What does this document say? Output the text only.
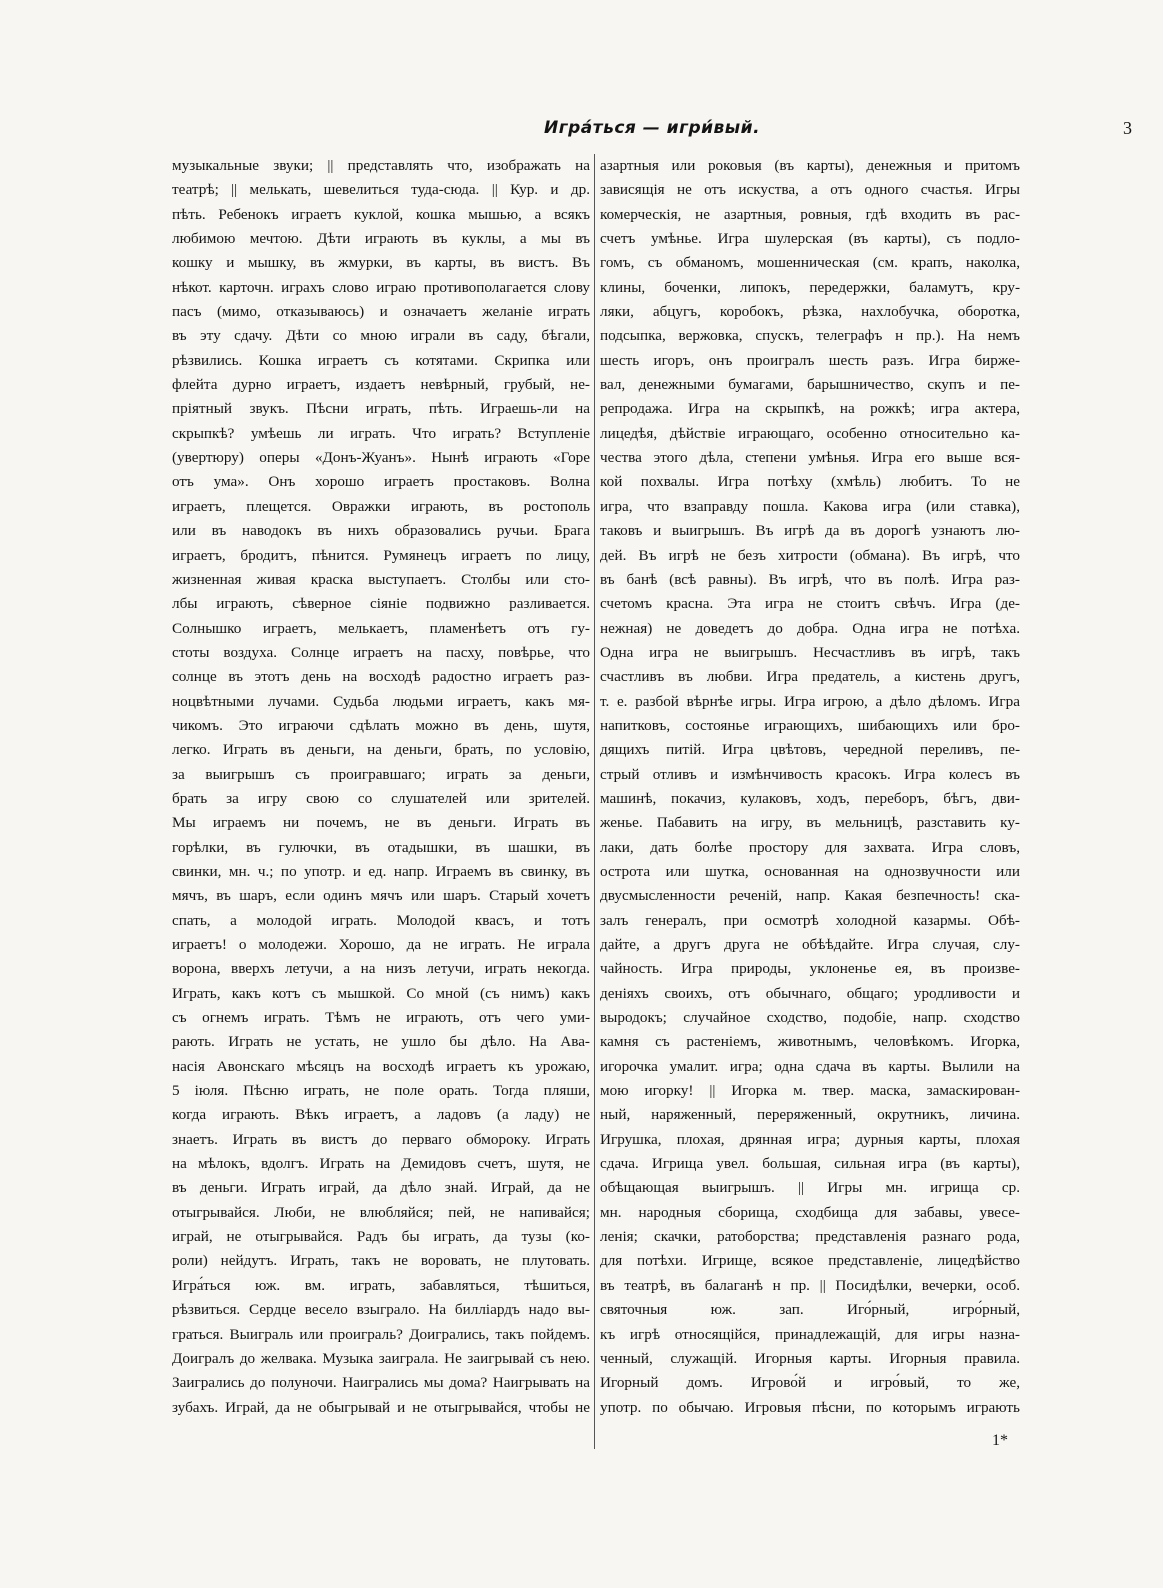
Игра́ться — игри́вый.	3
музыкальные звуки; || представлять что, изображать на
театрѣ; || мелькать, шевелиться туда-сюда. || Кур. и др.
пѣть. Ребенокъ играетъ куклой, кошка мышью, а всякъ
любимою мечтою. Дѣти играють въ куклы, а мы въ
кошку и мышку, въ жмурки, въ карты, въ вистъ. Въ
нѣкот. карточн. играхъ слово играю противополагается слову
пасъ (мимо, отказываюсь) и означаетъ желаніе играть
въ эту сдачу. Дѣти со мною играли въ саду, бѣгали,
рѣзвились. Кошка играетъ съ котятами. Скрипка или
флейта дурно играетъ, издаетъ невѣрный, грубый, не-
пріятный звукъ. Пѣсни играть, пѣть. Играешь-ли на
скрыпкѣ? умѣешь ли играть. Что играть? Вступленіе
(увертюру) оперы «Донъ-Жуанъ». Нынѣ играють «Горе
отъ ума». Онъ хорошо играетъ простаковъ. Волна
играетъ, плещется. Овражки играють, въ ростополь
или въ наводокъ въ нихъ образовались ручьи. Брага
играетъ, бродитъ, пѣнится. Румянецъ играетъ по лицу,
жизненная живая краска выступаетъ. Столбы или сто-
лбы играють, сѣверное сіяніе подвижно разливается.
Солнышко играетъ, мелькаетъ, пламенѣетъ отъ гу-
стоты воздуха. Солнце играетъ на пасху, повѣрье, что
солнце въ этотъ день на восходѣ радостно играетъ раз-
ноцвѣтными лучами. Судьба людьми играетъ, какъ мя-
чикомъ. Это играючи сдѣлать можно въ день, шутя,
легко. Играть въ деньги, на деньги, брать, по условію,
за выигрышъ съ проигравшаго; играть за деньги,
брать за игру свою со слушателей или зрителей.
Мы играемъ ни почемъ, не въ деньги. Играть въ
горѣлки, въ гулючки, въ отадышки, въ шашки, въ
свинки, мн. ч.; по употр. и ед. напр. Играемъ въ свинку, въ
мячъ, въ шаръ, если одинъ мячъ или шаръ. Старый хочетъ
спать, а молодой играть. Молодой квасъ, и тотъ
играетъ! о молодежи. Хорошо, да не играть. Не играла
ворона, вверхъ летучи, а на низъ летучи, играть некогда.
Играть, какъ котъ съ мышкой. Со мной (съ нимъ) какъ
съ огнемъ играть. Тѣмъ не играють, отъ чего уми-
рають. Играть не устать, не ушло бы дѣло. На Ава-
насія Авонскаго мѣсяцъ на восходѣ играетъ къ урожаю,
5 іюля. Пѣсню играть, не поле орать. Тогда пляши,
когда играють. Вѣкъ играетъ, а ладовъ (а ладу) не
знаетъ. Играть въ вистъ до перваго обмороку. Играть
на мѣлокъ, вдолгъ. Играть на Демидовъ счетъ, шутя, не
въ деньги. Играть играй, да дѣло знай. Играй, да не
отыгрывайся. Люби, не влюбляйся; пей, не напивайся;
играй, не отыгрывайся. Радъ бы играть, да тузы (ко-
роли) нейдутъ. Играть, такъ не воровать, не плутовать.
Игра́ться юж. вм. играть, забавляться, тѣшиться,
рѣзвиться. Сердце весело взыграло. На билліардъ надо вы-
граться. Выиграль или проиграль? Доигрались, такъ пойдемъ.
Доигралъ до желвака. Музыка заиграла. Не заигрывай съ нею.
Заигрались до полуночи. Наигрались мы дома? Наигрывать на
зубахъ. Играй, да не обыгрывай и не отыгрывайся, чтобы не
азартныя или роковыя (въ карты), денежныя и притомъ
зависящія не отъ искуства, а отъ одного счастья. Игры
комерческія, не азартныя, ровныя, гдѣ входить въ рас-
счетъ умѣнье. Игра шулерская (въ карты), съ подло-
гомъ, съ обманомъ, мошенническая (см. крапъ, наколка,
клины, боченки, липокъ, передержки, баламутъ, кру-
ляки, абцугъ, коробокъ, рѣзка, нахлобучка, оборотка,
подсыпка, вержовка, спускъ, телеграфъ н пр.). На немъ
шесть игоръ, онъ проигралъ шесть разъ. Игра бирже-
вал, денежными бумагами, барышничество, скупъ и пе-
репродажа. Игра на скрыпкѣ, на рожкѣ; игра актера,
лицедѣя, дѣйствіе играющаго, особенно относительно ка-
чества этого дѣла, степени умѣнья. Игра его выше вся-
кой похвалы. Игра потѣху (хмѣль) любитъ. То не
игра, что взаправду пошла. Какова игра (или ставка),
таковъ и выигрышъ. Въ игрѣ да въ дорогѣ узнаютъ лю-
дей. Въ игрѣ не безъ хитрости (обмана). Въ игрѣ, что
въ банѣ (всѣ равны). Въ игрѣ, что въ полѣ. Игра раз-
счетомъ красна. Эта игра не стоитъ свѣчъ. Игра (де-
нежная) не доведетъ до добра. Одна игра не потѣха.
Одна игра не выигрышъ. Несчастливъ въ игрѣ, такъ
счастливъ въ любви. Игра предатель, а кистень другъ,
т. е. разбой вѣрнѣе игры. Игра игрою, а дѣло дѣломъ. Игра
напитковъ, состоянье играющихъ, шибающихъ или бро-
дящихъ питій. Игра цвѣтовъ, чередной переливъ, пе-
стрый отливъ и измѣнчивость красокъ. Игра колесъ въ
машинѣ, покачиз, кулаковъ, ходъ, переборъ, бѣгъ, дви-
женье. Пабавить на игру, въ мельницѣ, разставить ку-
лаки, дать болѣе простору для захвата. Игра словъ,
острота или шутка, основанная на однозвучности или
двусмысленности реченій, напр. Какая безпечность! ска-
залъ генералъ, при осмотрѣ холодной казармы. Обѣ-
дайте, а другъ друга не обѣѣдайте. Игра случая, слу-
чайность. Игра природы, уклоненье ея, въ произве-
деніяхъ своихъ, отъ обычнаго, общаго; уродливости и
выродокъ; случайное сходство, подобіе, напр. сходство
камня съ растеніемъ, животнымъ, человѣкомъ. Игорка,
игорочка умалит. игра; одна сдача въ карты. Вылили на
мою игорку! || Игорка м. твер. маска, замаскирован-
ный, наряженный, переряженный, окрутникъ, личина.
Игрушка, плохая, дрянная игра; дурныя карты, плохая
сдача. Игрища увел. большая, сильная игра (въ карты),
обѣщающая выигрышъ. || Игры мн. игрища ср.
мн. народныя сборища, сходбища для забавы, увесе-
ленія; скачки, ратоборства; представленія разнаго рода,
для потѣхи. Игрище, всякое представленіе, лицедѣйство
въ театрѣ, въ балаганѣ н пр. || Посидѣлки, вечерки, особ.
святочныя юж. зап. Иго́рный, игро́рный,
къ игрѣ относящійся, принадлежащій, для игры назна-
ченный, служащій. Игорныя карты. Игорныя правила.
Игорный домъ. Игрово́й и игро́вый, то же,
употр. по обычаю. Игровыя пѣсни, по которымъ играють
1*
